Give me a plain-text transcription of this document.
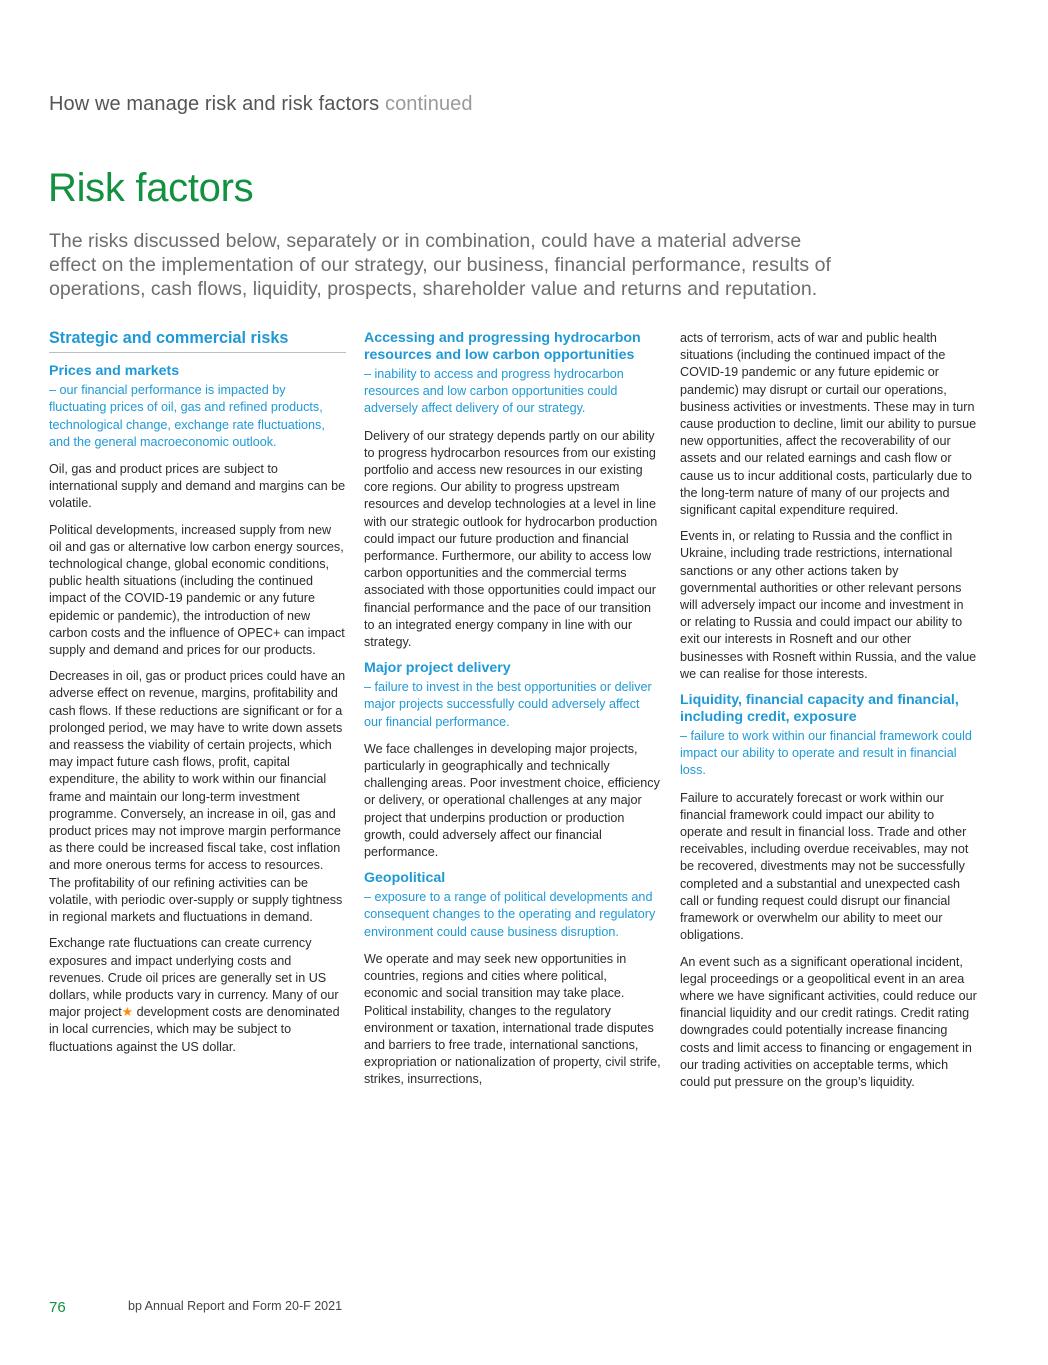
How we manage risk and risk factors continued
Risk factors

The risks discussed below, separately or in combination, could have a material adverse effect on the implementation of our strategy, our business, financial performance, results of operations, cash flows, liquidity, prospects, shareholder value and returns and reputation.

Strategic and commercial risks
Prices and markets

– our financial performance is impacted by fluctuating prices of oil, gas and refined products, technological change, exchange rate fluctuations, and the general macroeconomic outlook.

Oil, gas and product prices are subject to international supply and demand and margins can be volatile.

Political developments, increased supply from new oil and gas or alternative low carbon energy sources, technological change, global economic conditions, public health situations (including the continued impact of the COVID-19 pandemic or any future epidemic or pandemic), the introduction of new carbon costs and the influence of OPEC+ can impact supply and demand and prices for our products.

Decreases in oil, gas or product prices could have an adverse effect on revenue, margins, profitability and cash flows. If these reductions are significant or for a prolonged period, we may have to write down assets and reassess the viability of certain projects, which may impact future cash flows, profit, capital expenditure, the ability to work within our financial frame and maintain our long-term investment programme. Conversely, an increase in oil, gas and product prices may not improve margin performance as there could be increased fiscal take, cost inflation and more onerous terms for access to resources. The profitability of our refining activities can be volatile, with periodic over-supply or supply tightness in regional markets and fluctuations in demand.

Exchange rate fluctuations can create currency exposures and impact underlying costs and revenues. Crude oil prices are generally set in US dollars, while products vary in currency. Many of our major project★ development costs are denominated in local currencies, which may be subject to fluctuations against the US dollar.

Accessing and progressing hydrocarbon resources and low carbon opportunities

– inability to access and progress hydrocarbon resources and low carbon opportunities could adversely affect delivery of our strategy.

Delivery of our strategy depends partly on our ability to progress hydrocarbon resources from our existing portfolio and access new resources in our existing core regions. Our ability to progress upstream resources and develop technologies at a level in line with our strategic outlook for hydrocarbon production could impact our future production and financial performance. Furthermore, our ability to access low carbon opportunities and the commercial terms associated with those opportunities could impact our financial performance and the pace of our transition to an integrated energy company in line with our strategy.

Major project delivery

– failure to invest in the best opportunities or deliver major projects successfully could adversely affect our financial performance.

We face challenges in developing major projects, particularly in geographically and technically challenging areas. Poor investment choice, efficiency or delivery, or operational challenges at any major project that underpins production or production growth, could adversely affect our financial performance.

Geopolitical

– exposure to a range of political developments and consequent changes to the operating and regulatory environment could cause business disruption.

We operate and may seek new opportunities in countries, regions and cities where political, economic and social transition may take place. Political instability, changes to the regulatory environment or taxation, international trade disputes and barriers to free trade, international sanctions, expropriation or nationalization of property, civil strife, strikes, insurrections,

acts of terrorism, acts of war and public health situations (including the continued impact of the COVID-19 pandemic or any future epidemic or pandemic) may disrupt or curtail our operations, business activities or investments. These may in turn cause production to decline, limit our ability to pursue new opportunities, affect the recoverability of our assets and our related earnings and cash flow or cause us to incur additional costs, particularly due to the long-term nature of many of our projects and significant capital expenditure required.

Events in, or relating to Russia and the conflict in Ukraine, including trade restrictions, international sanctions or any other actions taken by governmental authorities or other relevant persons will adversely impact our income and investment in or relating to Russia and could impact our ability to exit our interests in Rosneft and our other businesses with Rosneft within Russia, and the value we can realise for those interests.

Liquidity, financial capacity and financial, including credit, exposure

– failure to work within our financial framework could impact our ability to operate and result in financial loss.

Failure to accurately forecast or work within our financial framework could impact our ability to operate and result in financial loss. Trade and other receivables, including overdue receivables, may not be recovered, divestments may not be successfully completed and a substantial and unexpected cash call or funding request could disrupt our financial framework or overwhelm our ability to meet our obligations.

An event such as a significant operational incident, legal proceedings or a geopolitical event in an area where we have significant activities, could reduce our financial liquidity and our credit ratings. Credit rating downgrades could potentially increase financing costs and limit access to financing or engagement in our trading activities on acceptable terms, which could put pressure on the group’s liquidity.

76	bp Annual Report and Form 20-F 2021
